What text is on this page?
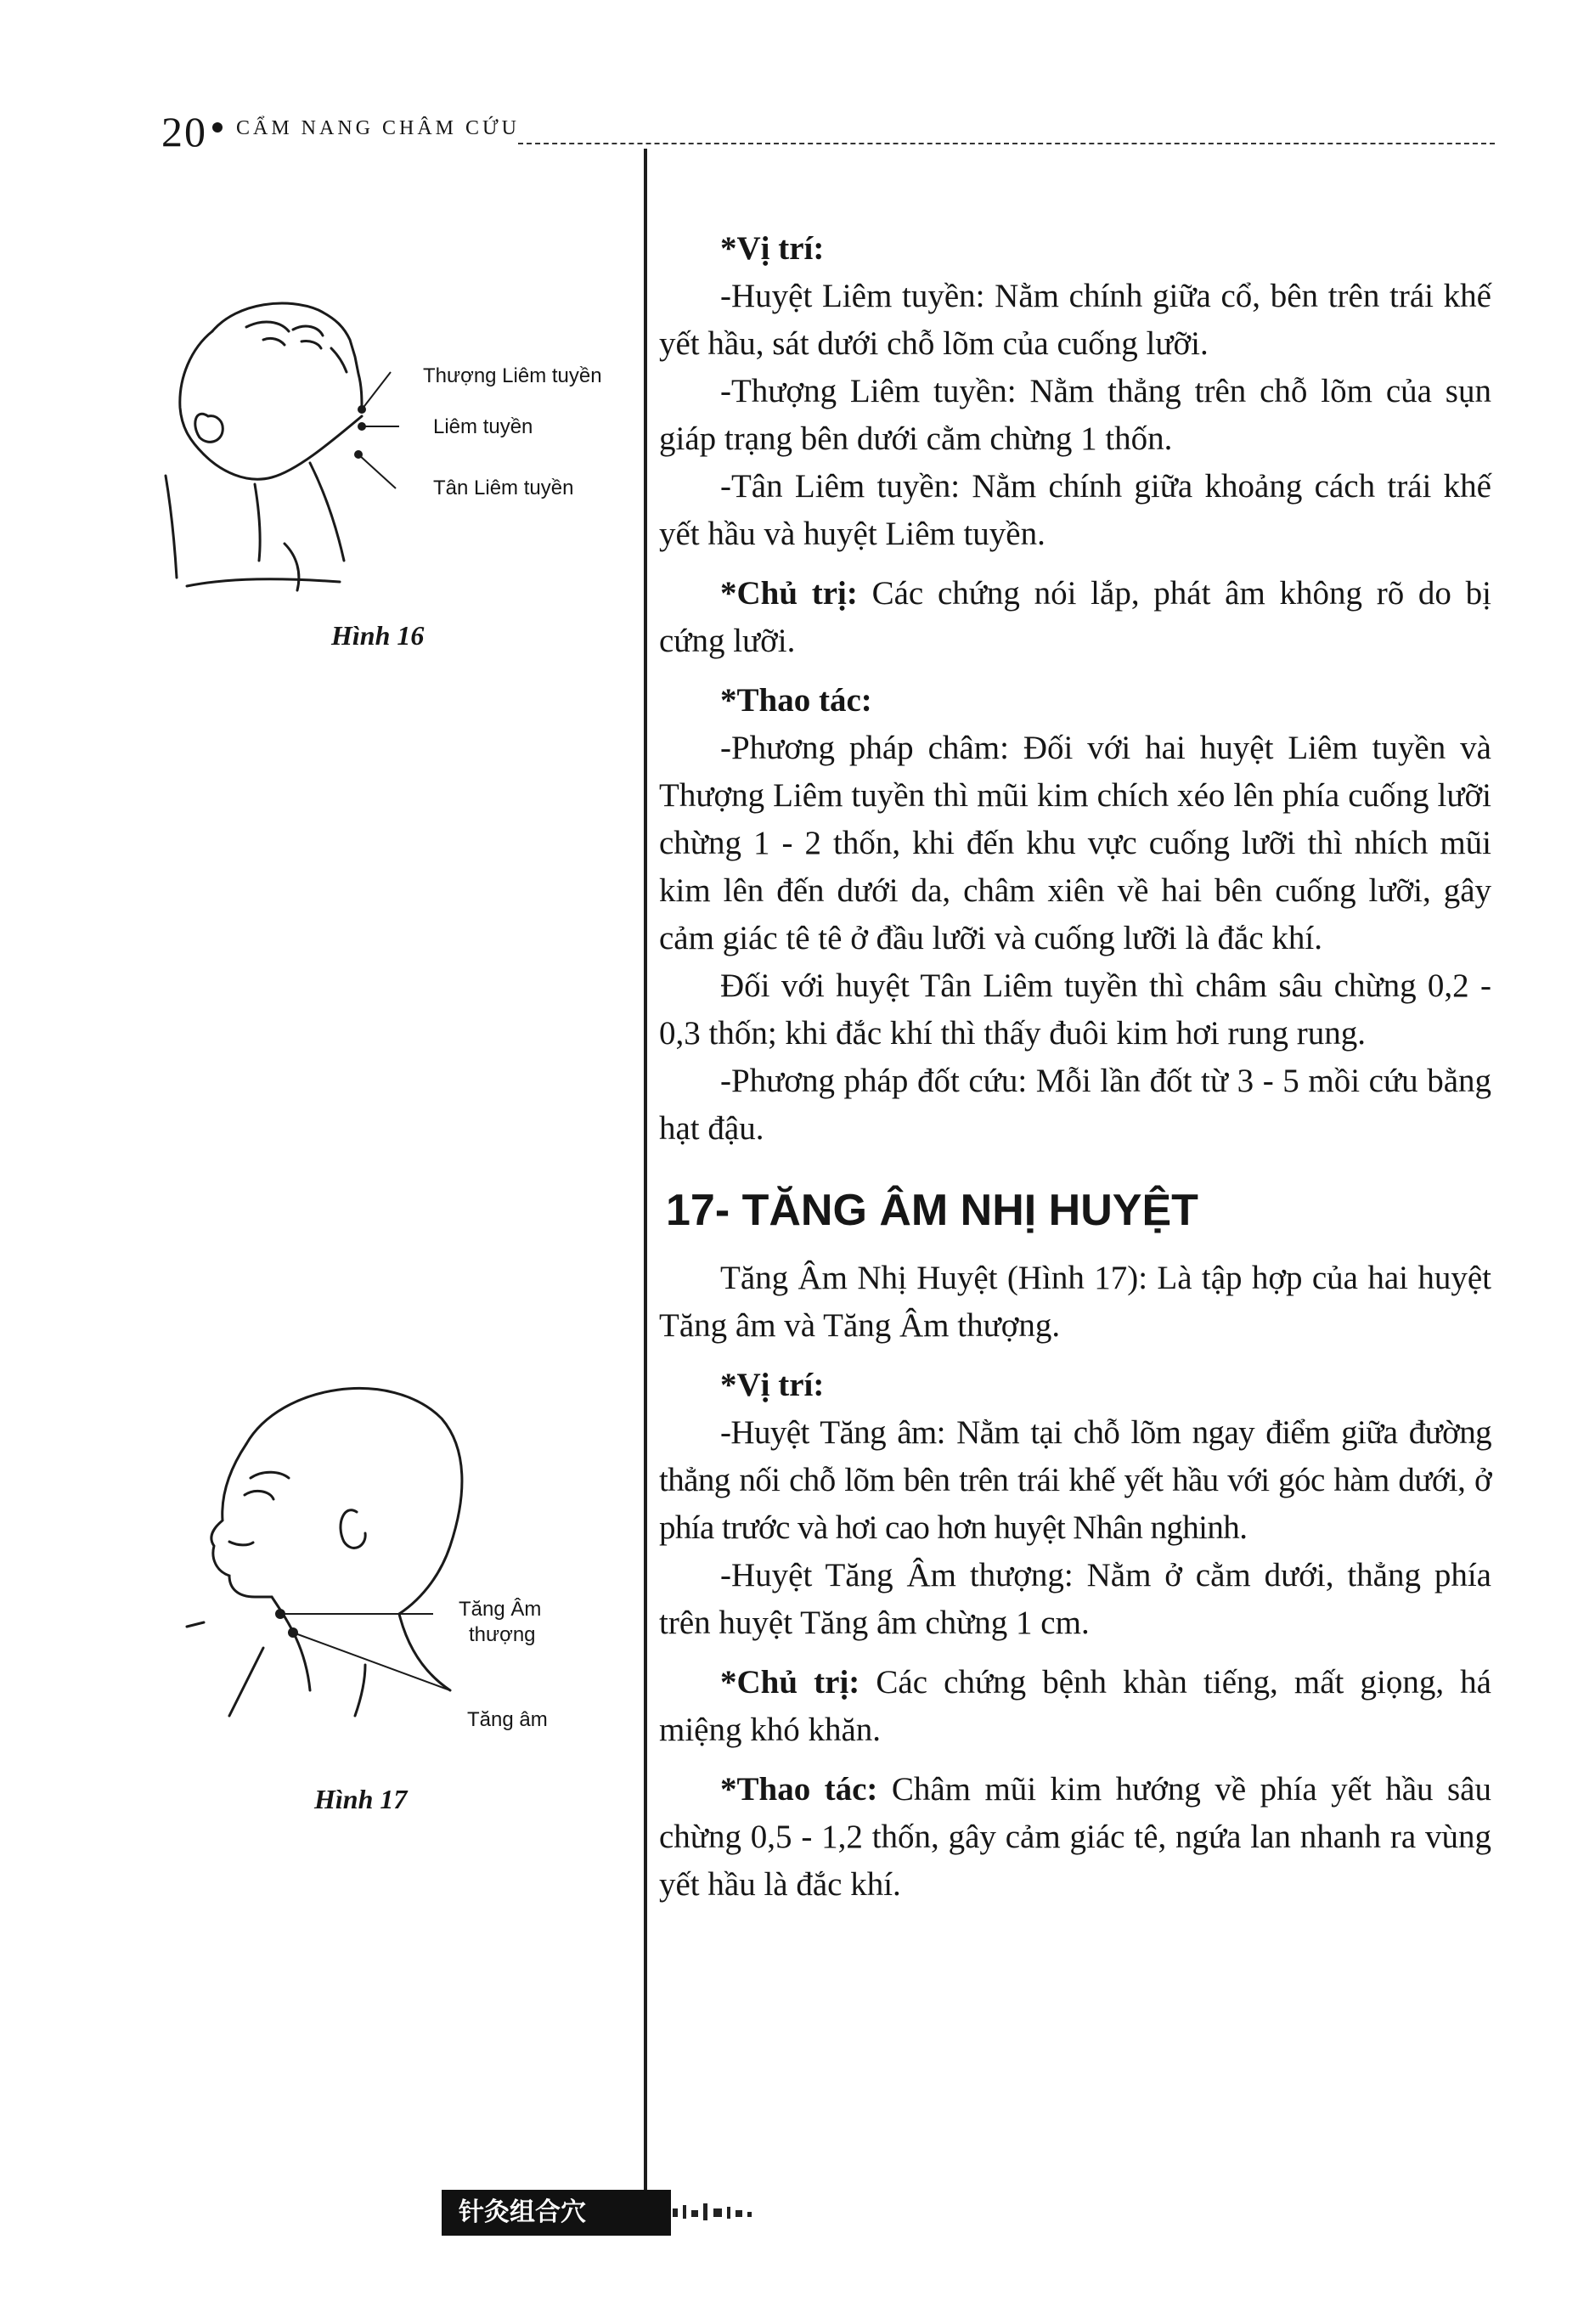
20 CẨM NANG CHÂM CỨU
Thượng Liêm tuyền
Liêm tuyền
Tân Liêm tuyền
Hình 16
Tăng Âm
thượng
Tăng âm
Hình 17

*Vị trí:

-Huyệt Liêm tuyền: Nằm chính giữa cổ, bên trên trái khế yết hầu, sát dưới chỗ lõm của cuống lưỡi.

-Thượng Liêm tuyền: Nằm thẳng trên chỗ lõm của sụn giáp trạng bên dưới cằm chừng 1 thốn.

-Tân Liêm tuyền: Nằm chính giữa khoảng cách trái khế yết hầu và huyệt Liêm tuyền.

*Chủ trị: Các chứng nói lắp, phát âm không rõ do bị cứng lưỡi.

*Thao tác:

-Phương pháp châm: Đối với hai huyệt Liêm tuyền và Thượng Liêm tuyền thì mũi kim chích xéo lên phía cuống lưỡi chừng 1 - 2 thốn, khi đến khu vực cuống lưỡi thì nhích mũi kim lên đến dưới da, châm xiên về hai bên cuống lưỡi, gây cảm giác tê tê ở đầu lưỡi và cuống lưỡi là đắc khí.

Đối với huyệt Tân Liêm tuyền thì châm sâu chừng 0,2 - 0,3 thốn; khi đắc khí thì thấy đuôi kim hơi rung rung.

-Phương pháp đốt cứu: Mỗi lần đốt từ 3 - 5 mồi cứu bằng hạt đậu.

17- TĂNG ÂM NHỊ HUYỆT

Tăng Âm Nhị Huyệt (Hình 17): Là tập hợp của hai huyệt Tăng âm và Tăng Âm thượng.

*Vị trí:

-Huyệt Tăng âm: Nằm tại chỗ lõm ngay điểm giữa đường thẳng nối chỗ lõm bên trên trái khế yết hầu với góc hàm dưới, ở phía trước và hơi cao hơn huyệt Nhân nghinh.

-Huyệt Tăng Âm thượng: Nằm ở cằm dưới, thẳng phía trên huyệt Tăng âm chừng 1 cm.

*Chủ trị: Các chứng bệnh khàn tiếng, mất giọng, há miệng khó khăn.

*Thao tác: Châm mũi kim hướng về phía yết hầu sâu chừng 0,5 - 1,2 thốn, gây cảm giác tê, ngứa lan nhanh ra vùng yết hầu là đắc khí.

针灸组合穴
